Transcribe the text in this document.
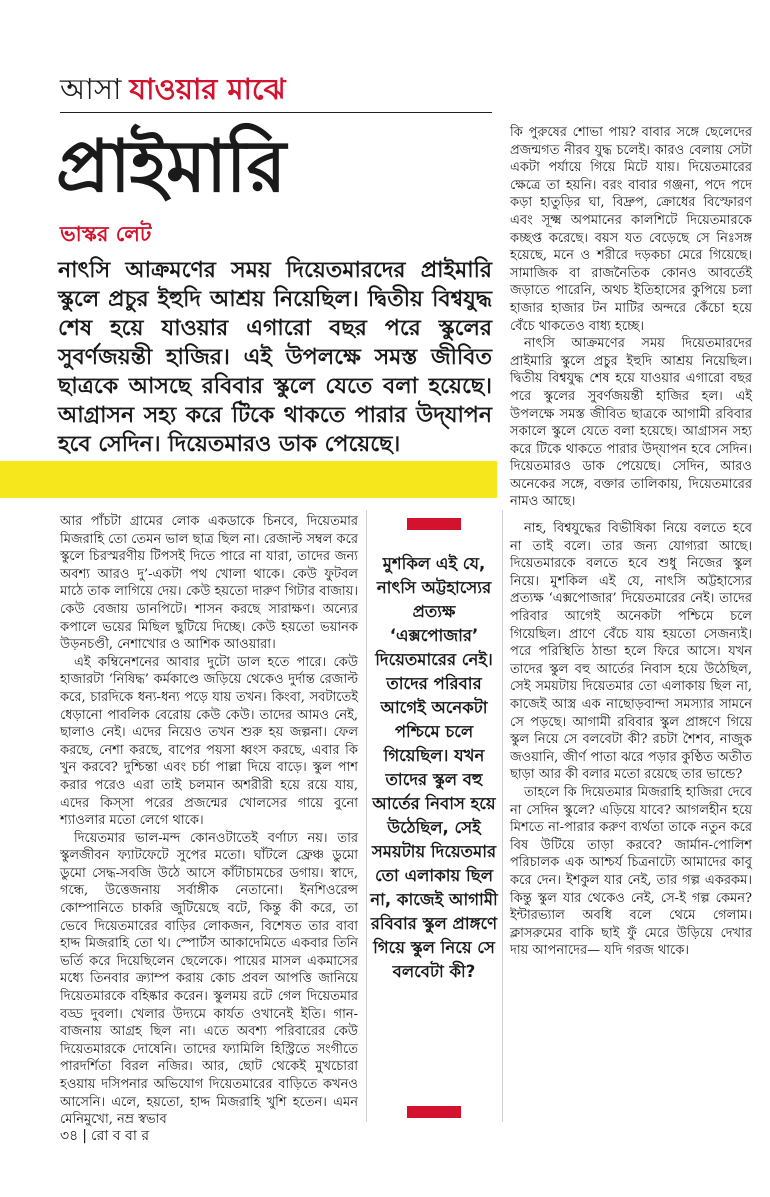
আসা যাওয়ার মাঝে
প্রাইমারি
ভাস্কর লেট

নাৎসি আক্রমণের সময় দিয়েতমারদের প্রাইমারি স্কুলে প্রচুর ইহুদি আশ্রয় নিয়েছিল। দ্বিতীয় বিশ্বযুদ্ধ শেষ হয়ে যাওয়ার এগারো বছর পরে স্কুলের সুবর্ণজয়ন্তী হাজির। এই উপলক্ষে সমস্ত জীবিত ছাত্রকে আসছে রবিবার স্কুলে যেতে বলা হয়েছে। আগ্রাসন সহ্য করে টিকে থাকতে পারার উদ্‌যাপন হবে সেদিন। দিয়েতমারও ডাক পেয়েছে।

কি পুরুষের শোভা পায়? বাবার সঙ্গে ছেলেদের প্রজন্মগত নীরব যুদ্ধ চলেই। কারও বেলায় সেটা একটা পর্যায়ে গিয়ে মিটে যায়। দিয়েতমারের ক্ষেত্রে তা হয়নি। বরং বাবার গঞ্জনা, পদে পদে কড়া হাতুড়ির ঘা, বিদ্রুপ, ক্রোধের বিস্ফোরণ এবং সূক্ষ্ম অপমানের কালশিটে দিয়েতমারকে কচ্ছপ্ত করেছে। বয়স যত বেড়েছে সে নিঃসঙ্গ হয়েছে, মনে ও শরীরে দড়কচা মেরে গিয়েছে। সামাজিক বা রাজনৈতিক কোনও আবর্তেই জড়াতে পারেনি, অথচ ইতিহাসের কুপিয়ে চলা হাজার হাজার টন মাটির অন্দরে কেঁচো হয়ে বেঁচে থাকতেও বাধ্য হচ্ছে।

নাৎসি আক্রমণের সময় দিয়েতমারদের প্রাইমারি স্কুলে প্রচুর ইহুদি আশ্রয় নিয়েছিল। দ্বিতীয় বিশ্বযুদ্ধ শেষ হয়ে যাওয়ার এগারো বছর পরে স্কুলের সুবর্ণজয়ন্তী হাজির হল। এই উপলক্ষে সমস্ত জীবিত ছাত্রকে আগামী রবিবার সকালে স্কুলে যেতে বলা হয়েছে। আগ্রাসন সহ্য করে টিকে থাকতে পারার উদ্‌যাপন হবে সেদিন। দিয়েতমারও ডাক পেয়েছে। সেদিন, আরও অনেকের সঙ্গে, বক্তার তালিকায়, দিয়েতমারের নামও আছে।

নাহ, বিশ্বযুদ্ধের বিভীষিকা নিয়ে বলতে হবে না তাই বলে। তার জন্য যোগ্যরা আছে। দিয়েতমারকে বলতে হবে শুধু নিজের স্কুল নিয়ে। মুশকিল এই যে, নাৎসি অট্টহাস্যের প্রত্যক্ষ ‘এক্সপোজার’ দিয়েতমারের নেই। তাদের পরিবার আগেই অনেকটা পশ্চিমে চলে গিয়েছিল। প্রাণে বেঁচে যায় হয়তো সেজন্যই। পরে পরিস্থিতি ঠান্ডা হলে ফিরে আসে। যখন তাদের স্কুল বহু আর্তের নিবাস হয়ে উঠেছিল, সেই সময়টায় দিয়েতমার তো এলাকায় ছিল না, কাজেই আস্ত্র এক নাছোড়বান্দা সমস্যার সামনে সে পড়ছে। আগামী রবিবার স্কুল প্রাঙ্গণে গিয়ে স্কুল নিয়ে সে বলবেটা কী? রচটা শৈশব, নাজুক জওয়ানি, জীর্ণ পাতা ঝরে পড়ার কুণ্ঠিত অতীত ছাড়া আর কী বলার মতো রয়েছে তার ভান্ডে?

তাহলে কি দিয়েতমার মিজরাহি হাজিরা দেবে না সেদিন স্কুলে? এড়িয়ে যাবে? আগলহীন হয়ে মিশতে না-পারার করুণ ব্যর্থতা তাকে নতুন করে বিষ উটিয়ে তাড়া করবে? জার্মান-পোলিশ পরিচালক এক আশ্চর্য চিত্রনাট্যে আমাদের কাবু করে দেন। ইশকুল যার নেই, তার গল্প একরকম। কিন্তু স্কুল যার থেকেও নেই, সে-ই গল্প কেমন? ইন্টারভ্যাল অবধি বলে থেমে গেলাম। ক্লাসরুমের বাকি ছাই ফুঁ মেরে উড়িয়ে দেখার দায় আপনাদের— যদি গরজ থাকে।

আর পাঁচটা গ্রামের লোক একডাকে চিনবে, দিয়েতমার মিজরাহি তো তেমন ভাল ছাত্র ছিল না। রেজাল্ট সম্বল করে স্কুলে চিরস্মরণীয় টিপসই দিতে পারে না যারা, তাদের জন্য অবশ্য আরও দু’-একটা পথ খোলা থাকে। কেউ ফুটবল মাঠে তাক লাগিয়ে দেয়। কেউ হয়তো দারুণ গিটার বাজায়। কেউ বেজায় ডানপিটে। শাসন করছে সারাক্ষণ। অন্যের কপালে ভয়ের মিছিল ছুটিয়ে দিচ্ছে। কেউ হয়তো ভয়ানক উড়নচণ্ডী, নেশাখোর ও আশিক আওয়ারা।

এই কম্বিনেশনের আবার দুটো ডাল হতে পারে। কেউ হাজারটা ‘নিষিদ্ধ’ কর্মকাণ্ডে জড়িয়ে থেকেও দুর্দান্ত রেজাল্ট করে, চারদিকে ধন্য-ধন্য পড়ে যায় তখন। কিংবা, সবটাতেই ধেড়ানো পাবলিক বেরোয় কেউ কেউ। তাদের আমও নেই, ছালাও নেই। এদের নিয়েও তখন শুরু হয় জল্পনা। ফেল করছে, নেশা করছে, বাপের পয়সা ধ্বংস করছে, এবার কি খুন করবে? দুশ্চিন্তা এবং চর্চা পাল্লা দিয়ে বাড়ে। স্কুল পাশ করার পরেও এরা তাই চলমান অশরীরী হয়ে রয়ে যায়, এদের কিস্‌সা পরের প্রজন্মের খোলসের গায়ে বুনো শ্যাওলার মতো লেগে থাকে।

দিয়েতমার ভাল-মন্দ কোনওটাতেই বর্ণাঢ্য নয়। তার স্কুলজীবন ফ্যাটফেটে সুপের মতো। ঘাঁটলে ফ্রেঞ্চ ডুমো ডুমো সেদ্ধ-সবজি উঠে আসে কাঁটাচামচের ডগায়। স্বাদে, গন্ধে, উত্তেজনায় সর্বাঙ্গীক নেতানো। ইনশিওরেন্স কোম্পানিতে চাকরি জুটিয়েছে বটে, কিন্তু কী করে, তা ভেবে দিয়েতমারের বাড়ির লোকজন, বিশেষত তার বাবা হাদ্দ মিজরাহি তো থ। স্পোর্টস আকাদেমিতে একবার তিনি ভর্তি করে দিয়েছিলেন ছেলেকে। পায়ের মাসল একমাসের মধ্যে তিনবার ক্র্যাম্প করায় কোচ প্রবল আপত্তি জানিয়ে দিয়েতমারকে বহিষ্কার করেন। স্কুলময় রটে গেল দিয়েতমার বড্ড দুবলা। খেলার উদ্যমে কার্যত ওখানেই ইতি। গান-বাজনায় আগ্রহ ছিল না। এতে অবশ্য পরিবারের কেউ দিয়েতমারকে দোষেনি। তাদের ফ্যামিলি হিস্ট্রিতে সংগীতে পারদর্শিতা বিরল নজির। আর, ছোট থেকেই মুখচোরা হওয়ায় দসিপনার অভিযোগ দিয়েতমারের বাড়িতে কখনও আসেনি। এলে, হয়তো, হাদ্দ মিজরাহি খুশি হতেন। এমন মেনিমুখো, নম্র স্বভাব

মুশকিল এই যে, নাৎসি অট্টহাস্যের প্রত্যক্ষ ‘এক্সপোজার’ দিয়েতমারের নেই। তাদের পরিবার আগেই অনেকটা পশ্চিমে চলে গিয়েছিল। যখন তাদের স্কুল বহু আর্তের নিবাস হয়ে উঠেছিল, সেই সময়টায় দিয়েতমার তো এলাকায় ছিল না, কাজেই আগামী রবিবার স্কুল প্রাঙ্গণে গিয়ে স্কুল নিয়ে সে বলবেটা কী?

৩৪ | রো ব বা র
